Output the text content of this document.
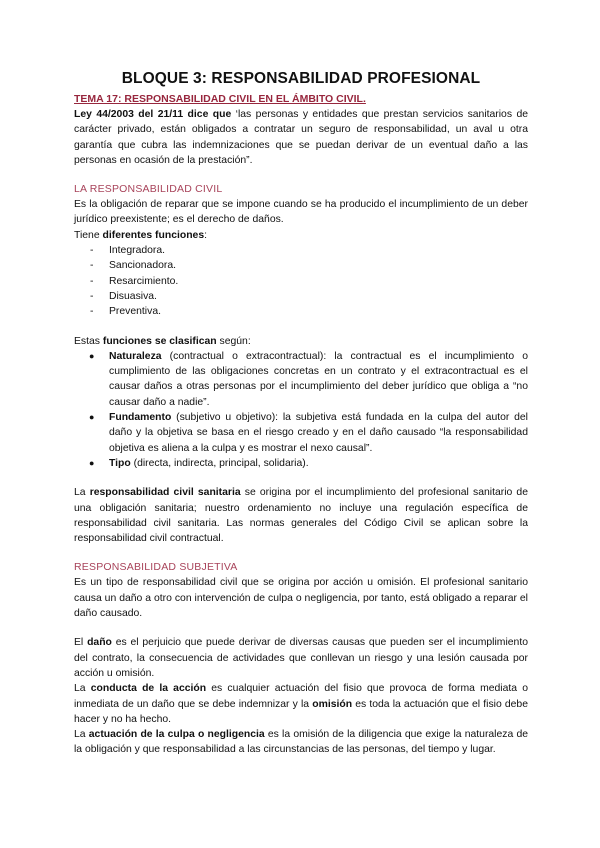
BLOQUE 3: RESPONSABILIDAD PROFESIONAL

TEMA 17: RESPONSABILIDAD CIVIL EN EL ÁMBITO CIVIL.

Ley 44/2003 del 21/11 dice que ‘las personas y entidades que prestan servicios sanitarios de carácter privado, están obligados a contratar un seguro de responsabilidad, un aval u otra garantía que cubra las indemnizaciones que se puedan derivar de un eventual daño a las personas en ocasión de la prestación”.

LA RESPONSABILIDAD CIVIL

Es la obligación de reparar que se impone cuando se ha producido el incumplimiento de un deber jurídico preexistente; es el derecho de daños.

Tiene diferentes funciones:

- Integradora.
- Sancionadora.
- Resarcimiento.
- Disuasiva.
- Preventiva.

Estas funciones se clasifican según:

● Naturaleza (contractual o extracontractual): la contractual es el incumplimiento o cumplimiento de las obligaciones concretas en un contrato y el extracontractual es el causar daños a otras personas por el incumplimiento del deber jurídico que obliga a “no causar daño a nadie”.
● Fundamento (subjetivo u objetivo): la subjetiva está fundada en la culpa del autor del daño y la objetiva se basa en el riesgo creado y en el daño causado “la responsabilidad objetiva es aliena a la culpa y es mostrar el nexo causal”.
● Tipo (directa, indirecta, principal, solidaria).

La responsabilidad civil sanitaria se origina por el incumplimiento del profesional sanitario de una obligación sanitaria; nuestro ordenamiento no incluye una regulación específica de responsabilidad civil sanitaria. Las normas generales del Código Civil se aplican sobre la responsabilidad civil contractual.

RESPONSABILIDAD SUBJETIVA

Es un tipo de responsabilidad civil que se origina por acción u omisión. El profesional sanitario causa un daño a otro con intervención de culpa o negligencia, por tanto, está obligado a reparar el daño causado.

El daño es el perjuicio que puede derivar de diversas causas que pueden ser el incumplimiento del contrato, la consecuencia de actividades que conllevan un riesgo y una lesión causada por acción u omisión.

La conducta de la acción es cualquier actuación del fisio que provoca de forma mediata o inmediata de un daño que se debe indemnizar y la omisión es toda la actuación que el fisio debe hacer y no ha hecho.

La actuación de la culpa o negligencia es la omisión de la diligencia que exige la naturaleza de la obligación y que responsabilidad a las circunstancias de las personas, del tiempo y lugar.
